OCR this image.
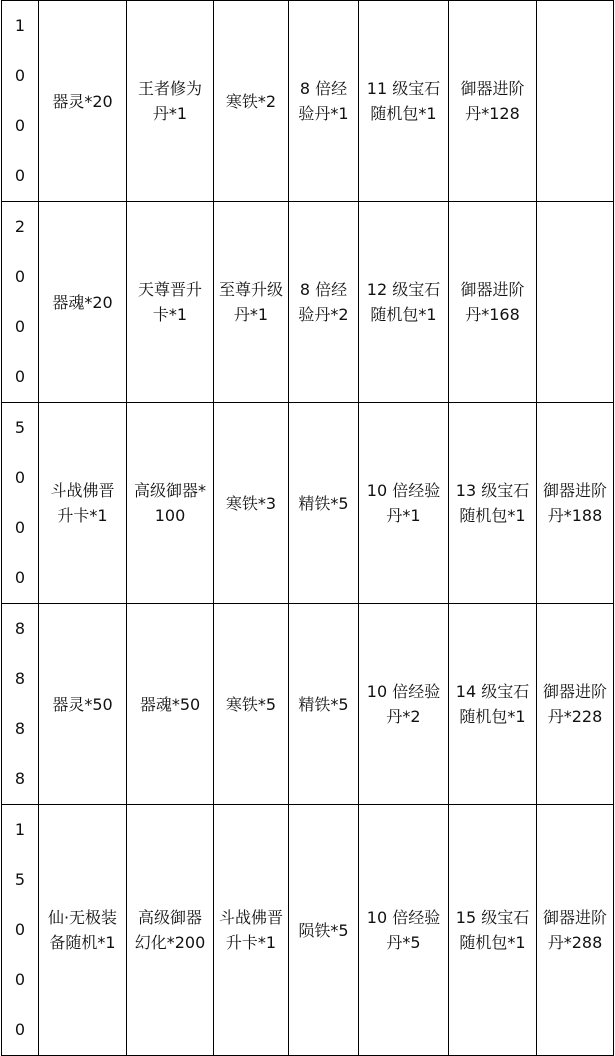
1000	器灵*20	王者修为丹*1	寒铁*2	8 倍经验丹*1	11 级宝石随机包*1	御器进阶丹*128	

2000	器魂*20	天尊晋升卡*1	至尊升级丹*1	8 倍经验丹*2	12 级宝石随机包*1	御器进阶丹*168	

5000	斗战佛晋升卡*1	高级御器*100	寒铁*3	精铁*5	10 倍经验丹*1	13 级宝石随机包*1	御器进阶丹*188

8888	器灵*50	器魂*50	寒铁*5	精铁*5	10 倍经验丹*2	14 级宝石随机包*1	御器进阶丹*228

15000	仙·无极装备随机*1	高级御器幻化*200	斗战佛晋升卡*1	陨铁*5	10 倍经验丹*5	15 级宝石随机包*1	御器进阶丹*288
